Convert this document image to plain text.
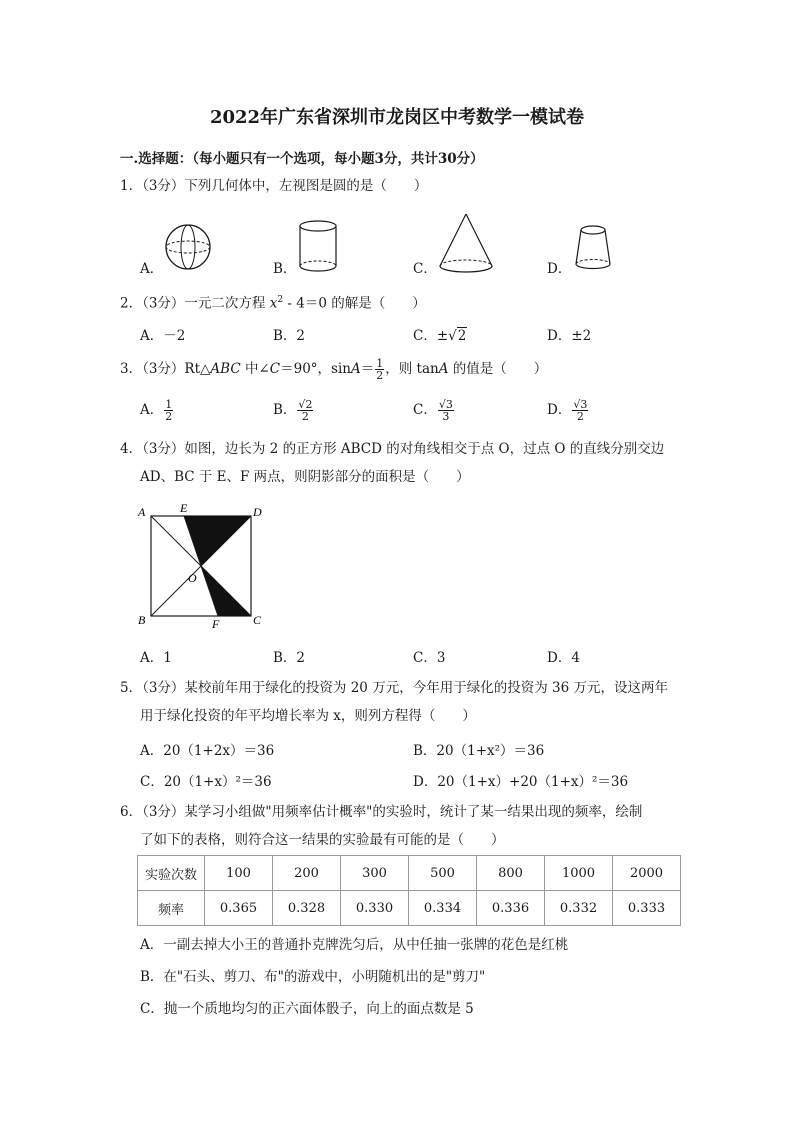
2022年广东省深圳市龙岗区中考数学一模试卷
一.选择题：（每小题只有一个选项，每小题3分，共计30分）
1．（3分）下列几何体中，左视图是圆的是（　　）
A．	B．	C．	D．
2．（3分）一元二次方程 $x^2 - 4=0$ 的解是（　　）
A．－2	B．2	C．±√2	D．±2
3．（3分）Rt△ABC 中∠C＝90°，$\sin A= \frac{1}{2}$ ，则 tanA 的值是（　　）
A． $\frac{1}{2}$	B． $\frac{√2}{2}$	C． $\frac{√3}{3}$	D． $\frac{√3}{2}$
4．（3分）如图，边长为 2 的正方形 ABCD 的对角线相交于点 O，过点 O 的直线分别交边
AD、BC 于 E、F 两点，则阴影部分的面积是（　　）
A	E	D
O
B	F	C
A．1	B．2	C．3	D．4
5．（3分）某校前年用于绿化的投资为 20 万元，今年用于绿化的投资为 36 万元，设这两年
用于绿化投资的年平均增长率为 x，则列方程得（　　）
A．20（1+2x）＝36	B．20（1+x²）＝36
C．20（1+x）²＝36	D．20（1+x）+20（1+x）²＝36
6．（3分）某学习小组做"用频率估计概率"的实验时，统计了某一结果出现的频率，绘制
了如下的表格，则符合这一结果的实验最有可能的是（　　）
实验次数	100	200	300	500	800	1000	2000
频率	0.365	0.328	0.330	0.334	0.336	0.332	0.333
A．一副去掉大小王的普通扑克牌洗匀后，从中任抽一张牌的花色是红桃
B．在"石头、剪刀、布"的游戏中，小明随机出的是"剪刀"
C．抛一个质地均匀的正六面体骰子，向上的面点数是 5
